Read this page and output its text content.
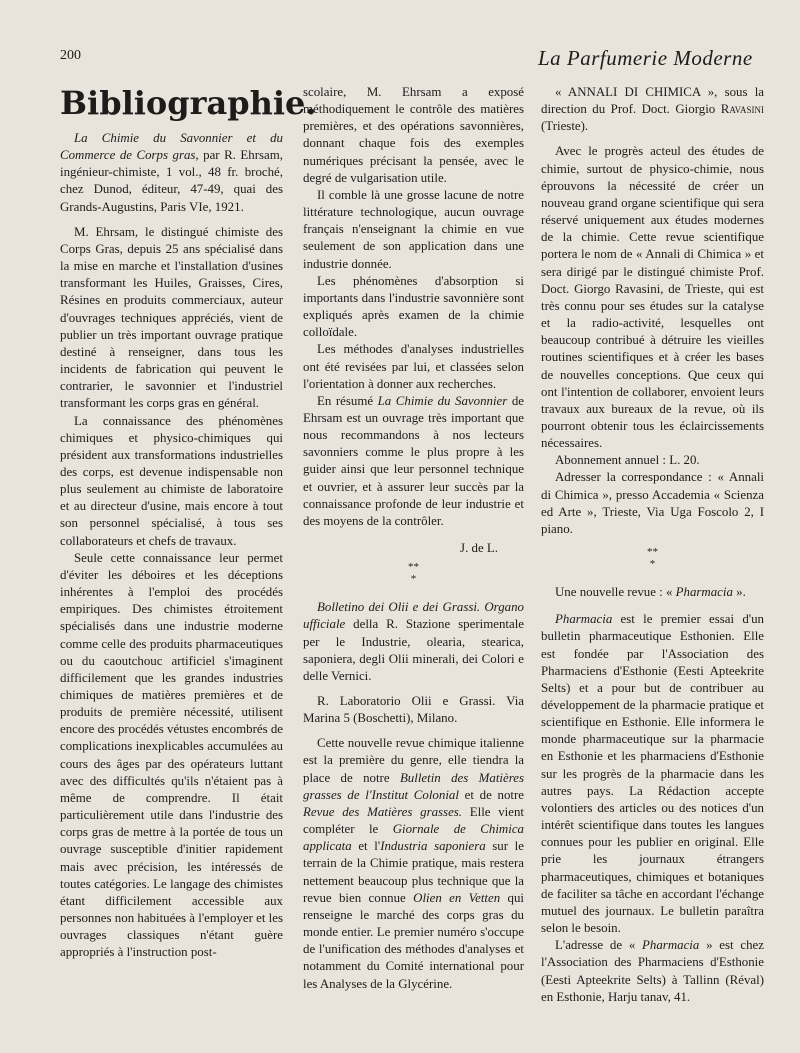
200	La Parfumerie Moderne
Bibliographie.

La Chimie du Savonnier et du Commerce de Corps gras, par R. Ehrsam, ingénieur-chimiste, 1 vol., 48 fr. broché, chez Dunod, éditeur, 47-49, quai des Grands-Augustins, Paris VIe, 1921.

M. Ehrsam, le distingué chimiste des Corps Gras, depuis 25 ans spécialisé dans la mise en marche et l'installation d'usines transformant les Huiles, Graisses, Cires, Résines en produits commerciaux, auteur d'ouvrages techniques appréciés, vient de publier un très important ouvrage pratique destiné à renseigner, dans tous les incidents de fabrication qui peuvent le contrarier, le savonnier et l'industriel transformant les corps gras en général.

La connaissance des phénomènes chimiques et physico-chimiques qui président aux transformations industrielles des corps, est devenue indispensable non plus seulement au chimiste de laboratoire et au directeur d'usine, mais encore à tout son personnel spécialisé, à tous ses collaborateurs et chefs de travaux.

Seule cette connaissance leur permet d'éviter les déboires et les déceptions inhérentes à l'emploi des procédés empiriques. Des chimistes étroitement spécialisés dans une industrie moderne comme celle des produits pharmaceutiques ou du caoutchouc artificiel s'imaginent difficilement que les grandes industries chimiques de matières premières et de produits de première nécessité, utilisent encore des procédés vétustes encombrés de complications inexplicables accumulées au cours des âges par des opérateurs luttant avec des difficultés qu'ils n'étaient pas à même de comprendre. Il était particulièrement utile dans l'industrie des corps gras de mettre à la portée de tous un ouvrage susceptible d'initier rapidement mais avec précision, les intéressés de toutes catégories. Le langage des chimistes étant difficilement accessible aux personnes non habituées à l'employer et les ouvrages classiques n'étant guère appropriés à l'instruction post-

scolaire, M. Ehrsam a exposé méthodiquement le contrôle des matières premières, et des opérations savonnières, donnant chaque fois des exemples numériques précisant la pensée, avec le degré de vulgarisation utile.

Il comble là une grosse lacune de notre littérature technologique, aucun ouvrage français n'enseignant la chimie en vue seulement de son application dans une industrie donnée.

Les phénomènes d'absorption si importants dans l'industrie savonnière sont expliqués après examen de la chimie colloïdale.

Les méthodes d'analyses industrielles ont été revisées par lui, et classées selon l'orientation à donner aux recherches.

En résumé La Chimie du Savonnier de Ehrsam est un ouvrage très important que nous recommandons à nos lecteurs savonniers comme le plus propre à les guider ainsi que leur personnel technique et ouvrier, et à assurer leur succès par la connaissance profonde de leur industrie et des moyens de la contrôler.

J. de L.
**
*

Bolletino dei Olii e dei Grassi. Organo ufficiale della R. Stazione sperimentale per le Industrie, olearia, stearica, saponiera, degli Olii minerali, dei Colori e delle Vernici.

R. Laboratorio Olii e Grassi. Via Marina 5 (Boschetti), Milano.

Cette nouvelle revue chimique italienne est la première du genre, elle tiendra la place de notre Bulletin des Matières grasses de l'Institut Colonial et de notre Revue des Matières grasses. Elle vient compléter le Giornale de Chimica applicata et l'Industria saponiera sur le terrain de la Chimie pratique, mais restera nettement beaucoup plus technique que la revue bien connue Olien en Vetten qui renseigne le marché des corps gras du monde entier. Le premier numéro s'occupe de l'unification des méthodes d'analyses et notamment du Comité international pour les Analyses de la Glycérine.

« ANNALI DI CHIMICA », sous la direction du Prof. Doct. Giorgio Ravasini (Trieste).

Avec le progrès acteul des études de chimie, surtout de physico-chimie, nous éprouvons la nécessité de créer un nouveau grand organe scientifique qui sera réservé uniquement aux études modernes de la chimie. Cette revue scientifique portera le nom de « Annali di Chimica » et sera dirigé par le distingué chimiste Prof. Doct. Giorgo Ravasini, de Trieste, qui est très connu pour ses études sur la catalyse et la radio-activité, lesquelles ont beaucoup contribué à détruire les vieilles routines scientifiques et à créer les bases de nouvelles conceptions. Que ceux qui ont l'intention de collaborer, envoient leurs travaux aux bureaux de la revue, où ils pourront obtenir tous les éclaircissements nécessaires.

Abonnement annuel : L. 20.

Adresser la correspondance : « Annali di Chimica », presso Accademia « Scienza ed Arte », Trieste, Via Uga Foscolo 2, I piano.

**
*

Une nouvelle revue : « Pharmacia ».

Pharmacia est le premier essai d'un bulletin pharmaceutique Esthonien. Elle est fondée par l'Association des Pharmaciens d'Esthonie (Eesti Apteekrite Selts) et a pour but de contribuer au développement de la pharmacie pratique et scientifique en Esthonie. Elle informera le monde pharmaceutique sur la pharmacie en Esthonie et les pharmaciens d'Esthonie sur les progrès de la pharmacie dans les autres pays. La Rédaction accepte volontiers des articles ou des notices d'un intérêt scientifique dans toutes les langues connues pour les publier en original. Elle prie les journaux étrangers pharmaceutiques, chimiques et botaniques de faciliter sa tâche en accordant l'échange mutuel des journaux. Le bulletin paraîtra selon le besoin.

L'adresse de « Pharmacia » est chez l'Association des Pharmaciens d'Esthonie (Eesti Apteekrite Selts) à Tallinn (Réval) en Esthonie, Harju tanav, 41.
